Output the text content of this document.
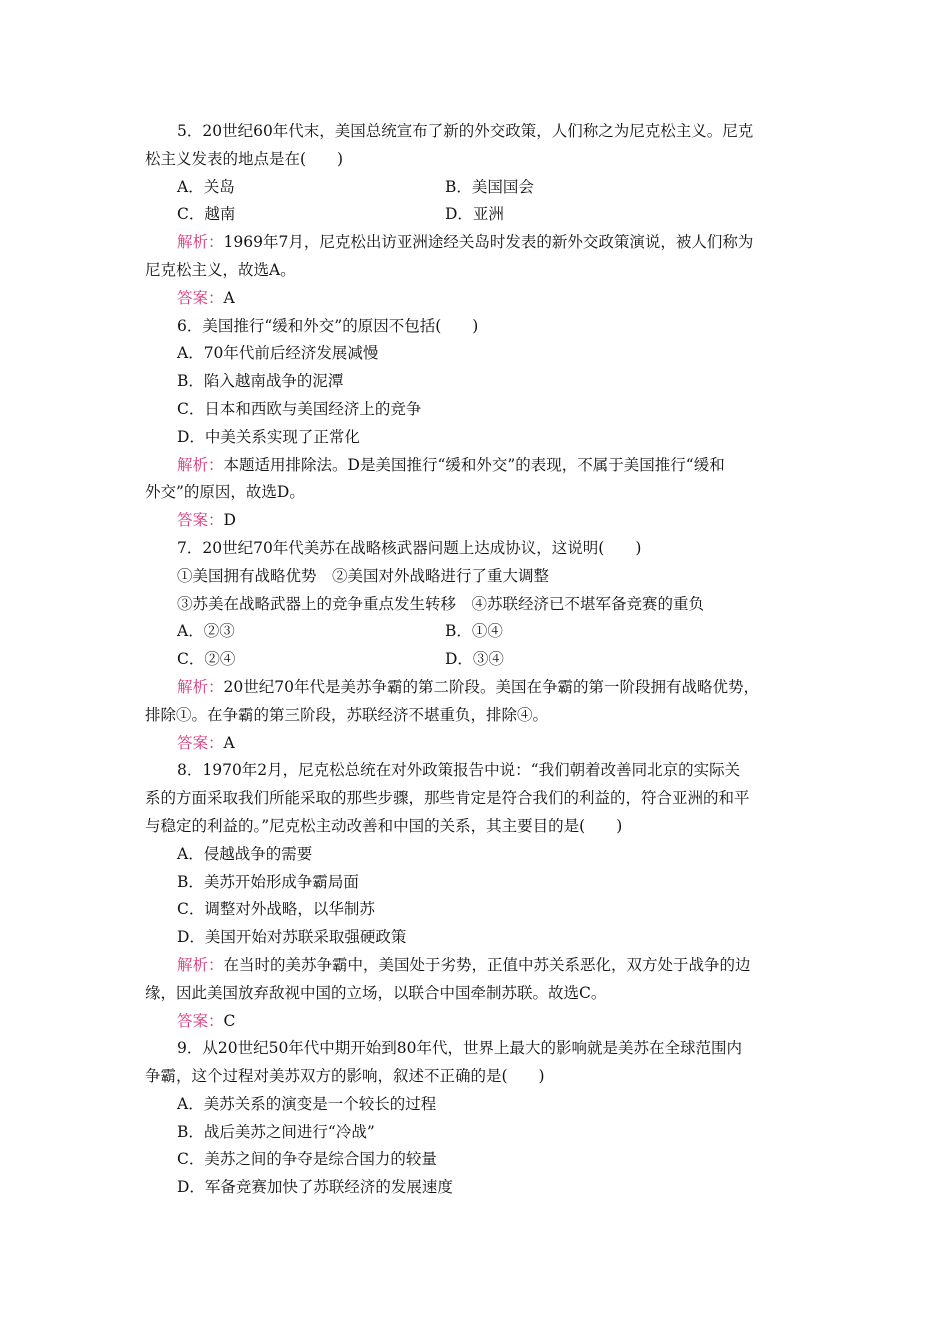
5．20世纪60年代末，美国总统宣布了新的外交政策，人们称之为尼克松主义。尼克
松主义发表的地点是在(　　)
A．关岛	B．美国国会
C．越南	D．亚洲
解析：1969年7月，尼克松出访亚洲途经关岛时发表的新外交政策演说，被人们称为
尼克松主义，故选A。
答案：A
6．美国推行“缓和外交”的原因不包括(　　)
A．70年代前后经济发展减慢
B．陷入越南战争的泥潭
C．日本和西欧与美国经济上的竞争
D．中美关系实现了正常化
解析：本题适用排除法。D是美国推行“缓和外交”的表现，不属于美国推行“缓和
外交”的原因，故选D。
答案：D
7．20世纪70年代美苏在战略核武器问题上达成协议，这说明(　　)
①美国拥有战略优势　②美国对外战略进行了重大调整
③苏美在战略武器上的竞争重点发生转移　④苏联经济已不堪军备竞赛的重负
A．②③	B．①④
C．②④	D．③④
解析：20世纪70年代是美苏争霸的第二阶段。美国在争霸的第一阶段拥有战略优势，
排除①。在争霸的第三阶段，苏联经济不堪重负，排除④。
答案：A
8．1970年2月，尼克松总统在对外政策报告中说：“我们朝着改善同北京的实际关
系的方面采取我们所能采取的那些步骤，那些肯定是符合我们的利益的，符合亚洲的和平
与稳定的利益的。”尼克松主动改善和中国的关系，其主要目的是(　　)
A．侵越战争的需要
B．美苏开始形成争霸局面
C．调整对外战略，以华制苏
D．美国开始对苏联采取强硬政策
解析：在当时的美苏争霸中，美国处于劣势，正值中苏关系恶化，双方处于战争的边
缘，因此美国放弃敌视中国的立场，以联合中国牵制苏联。故选C。
答案：C
9．从20世纪50年代中期开始到80年代，世界上最大的影响就是美苏在全球范围内
争霸，这个过程对美苏双方的影响，叙述不正确的是(　　)
A．美苏关系的演变是一个较长的过程
B．战后美苏之间进行“冷战”
C．美苏之间的争夺是综合国力的较量
D．军备竞赛加快了苏联经济的发展速度
